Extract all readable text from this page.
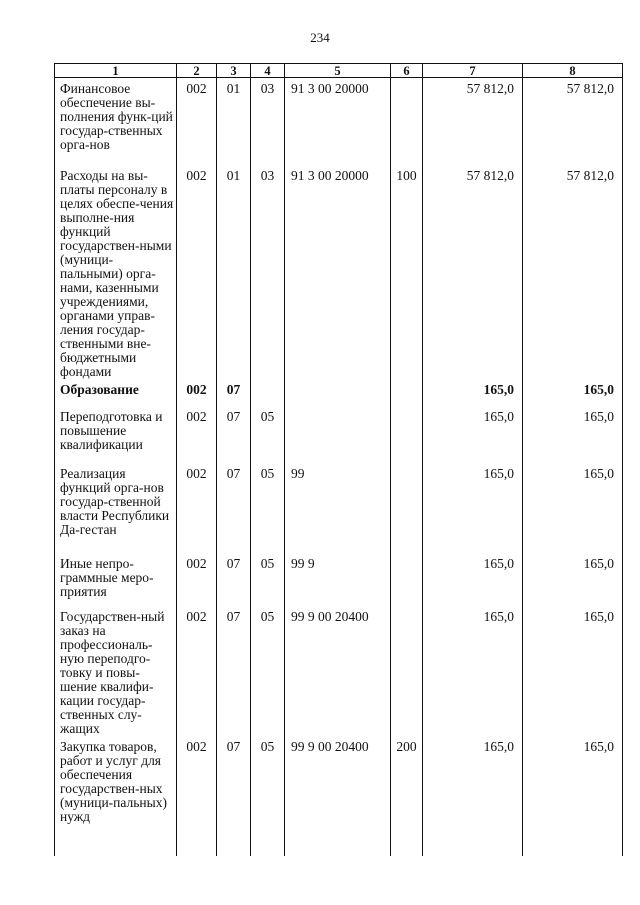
234
1	2	3	4	5	6	7	8
Финансовое обеспечение вы-полнения функ-ций государ-ственных орга-нов	002	01	03	91 3 00 20000		57 812,0	57 812,0
Расходы на вы-платы персоналу в целях обеспе-чения выполне-ния функций государствен-ными (муници-пальными) орга-нами, казенными учреждениями, органами управ-ления государ-ственными вне-бюджетными фондами	002	01	03	91 3 00 20000	100	57 812,0	57 812,0
Образование	002	07				165,0	165,0
Переподготовка и повышение квалификации	002	07	05			165,0	165,0
Реализация функций орга-нов государ-ственной власти Республики Да-гестан	002	07	05	99		165,0	165,0
Иные непро-граммные меро-приятия	002	07	05	99 9		165,0	165,0
Государствен-ный заказ на профессиональ-ную переподго-товку и повы-шение квалифи-кации государ-ственных слу-жащих	002	07	05	99 9 00 20400		165,0	165,0
Закупка товаров, работ и услуг для обеспечения государствен-ных (муници-пальных) нужд	002	07	05	99 9 00 20400	200	165,0	165,0
